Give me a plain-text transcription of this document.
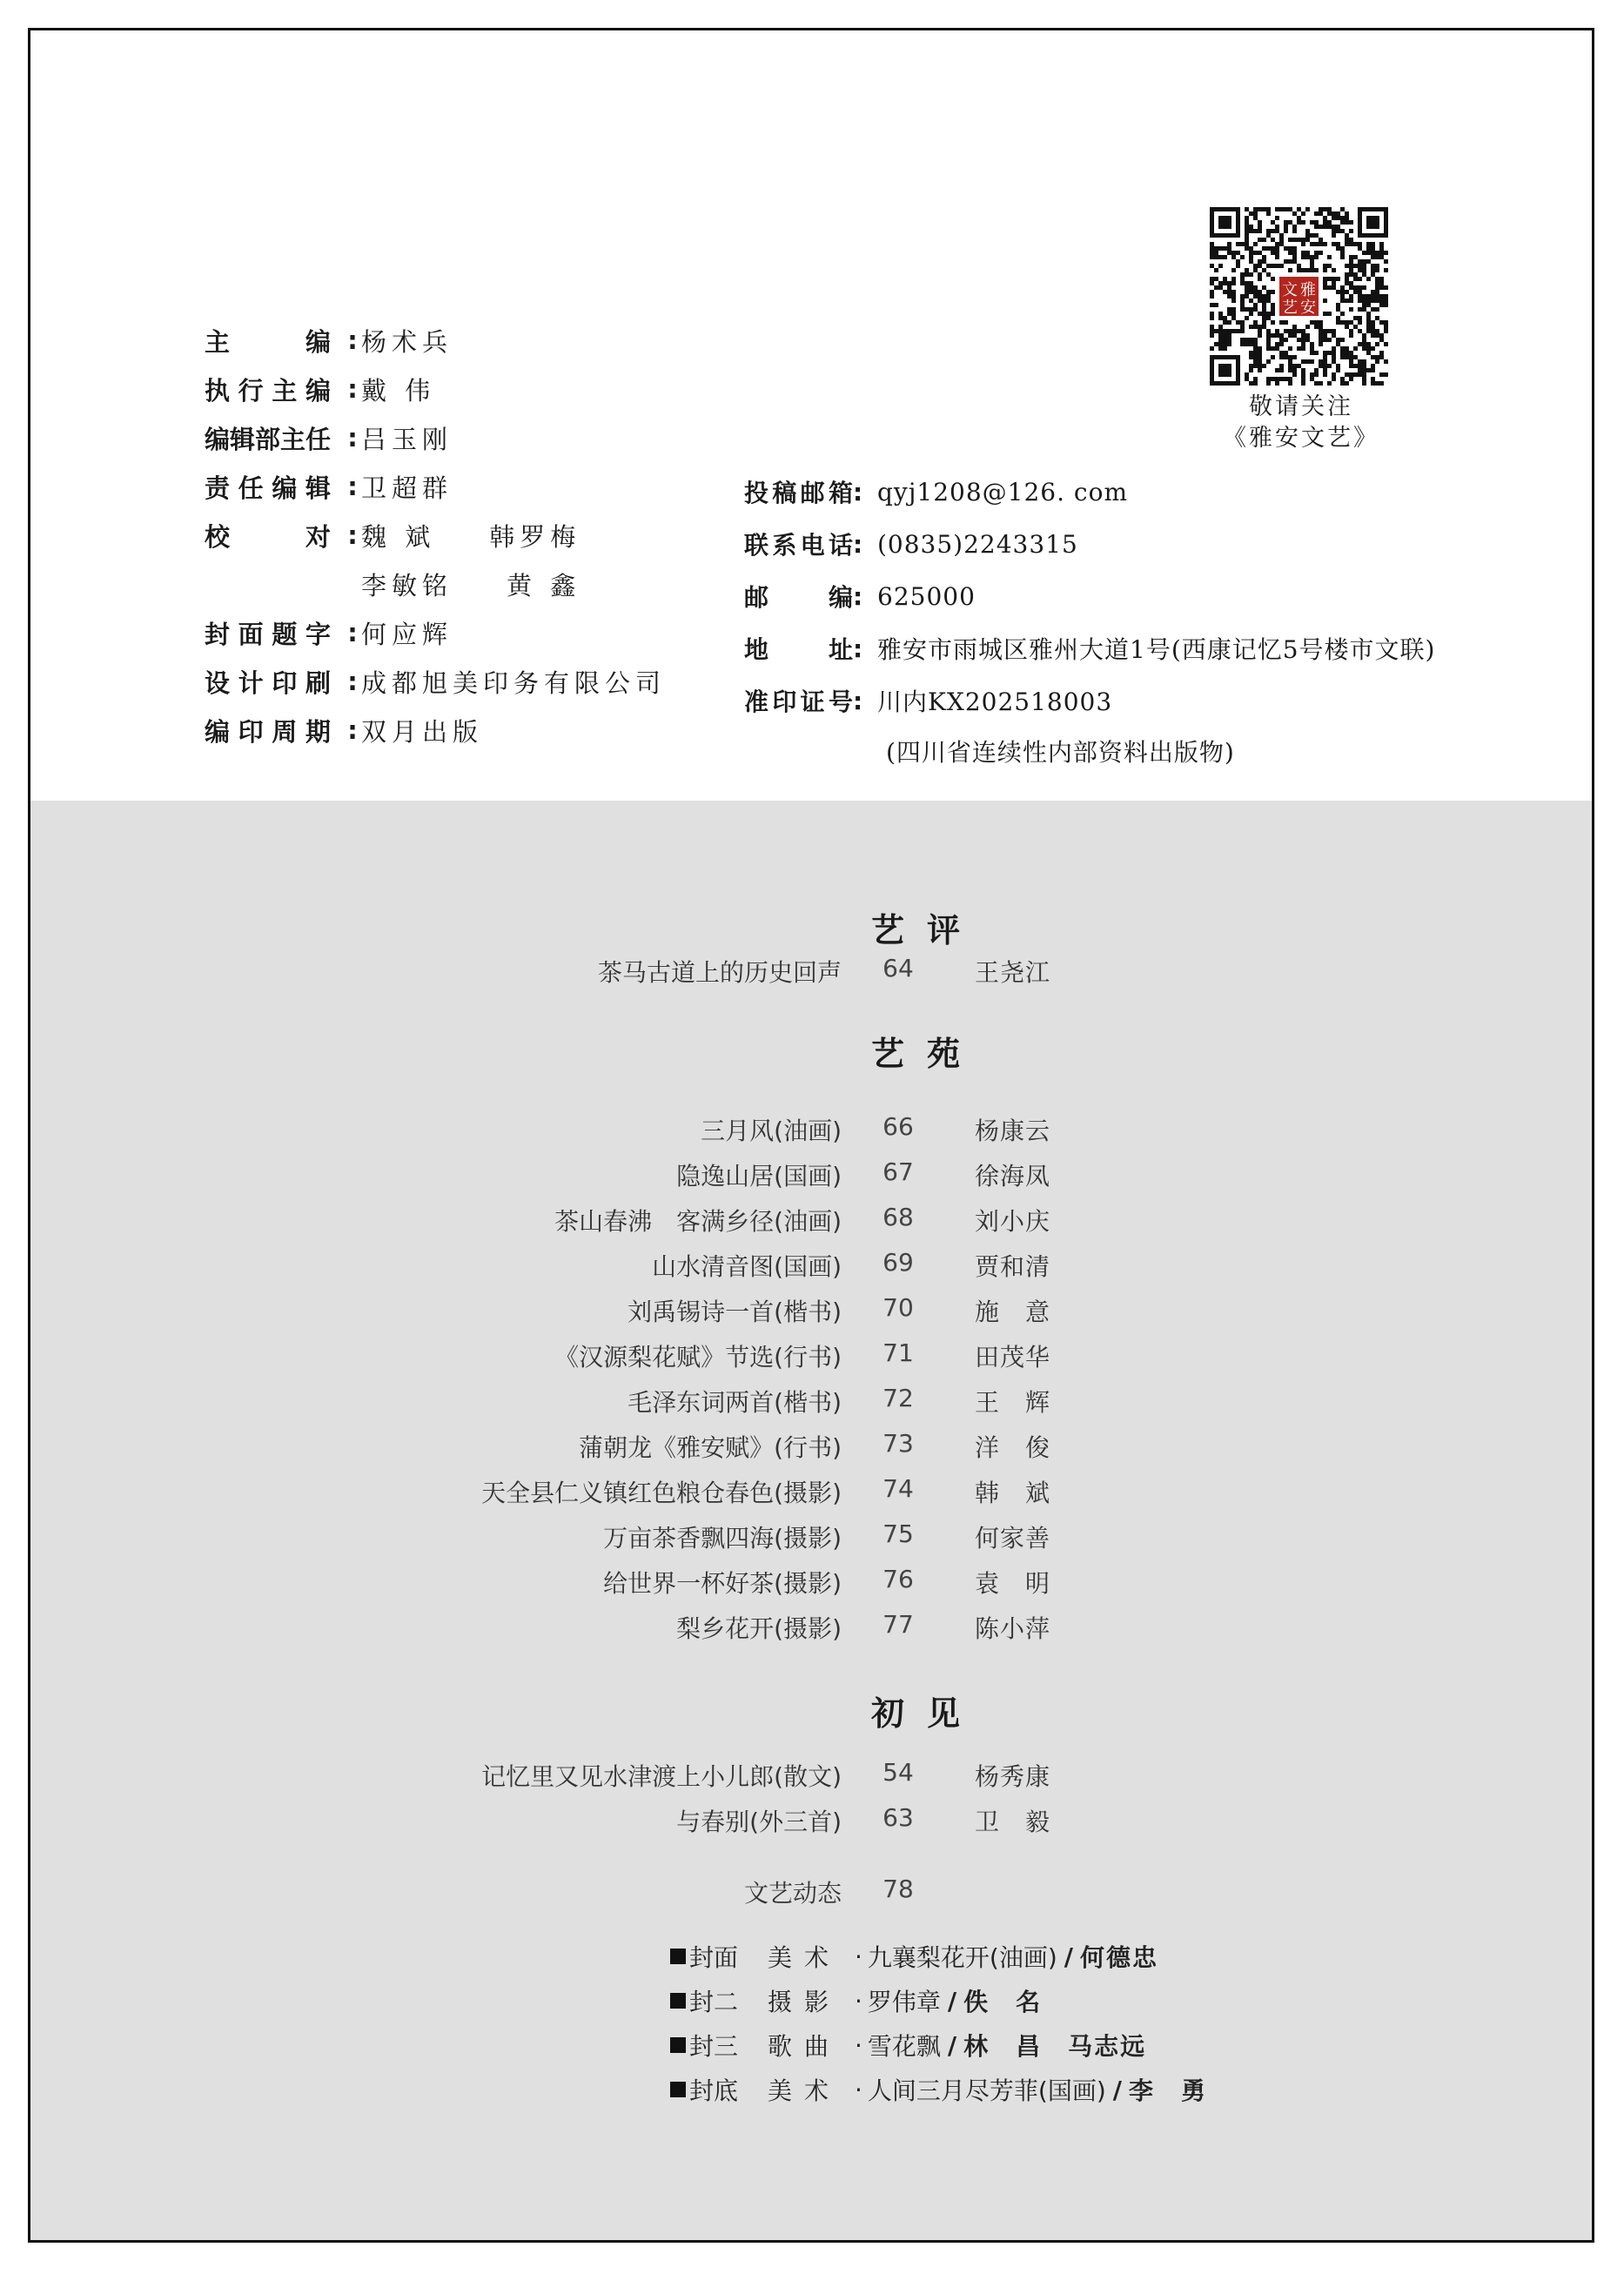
主	编 : 杨术兵
执 行 主 编 : 戴 伟
编 辑 部 主 任 : 吕玉刚
责 任 编 辑 : 卫超群
校	对 : 魏 斌 韩罗梅
李敏铭 黄 鑫
封 面 题 字 : 何应辉
设 计 印 刷 : 成都旭美印务有限公司
编 印 周 期 : 双月出版
投 稿 邮 箱 : qyj1208@126. com
联 系 电 话 : (0835)2243315
邮 编 : 625000
地 址 : 雅安市雨城区雅州大道1号(西康记忆5号楼市文联)
准 印 证 号 : 川内KX202518003
(四川省连续性内部资料出版物)
文 雅
艺 安
敬请关注
《雅安文艺》
艺评
茶马古道上的历史回声	64	王尧江
艺苑
三月风(油画)	66	杨康云
隐逸山居(国画)	67	徐海凤
茶山春沸　客满乡径(油画)	68	刘小庆
山水清音图(国画)	69	贾和清
刘禹锡诗一首(楷书)	70	施　意
《汉源梨花赋》节选(行书)	71	田茂华
毛泽东词两首(楷书)	72	王　辉
蒲朝龙《雅安赋》(行书)	73	洋　俊
天全县仁义镇红色粮仓春色(摄影)	74	韩　斌
万亩茶香飘四海(摄影)	75	何家善
给世界一杯好茶(摄影)	76	袁　明
梨乡花开(摄影)	77	陈小萍
初见
记忆里又见水津渡上小儿郎(散文)	54	杨秀康
与春别(外三首)	63	卫　毅
文艺动态	78
封面	美术 · 九襄梨花开(油画) / 何德忠
封二	摄影 · 罗伟章 / 佚　名
封三	歌曲 · 雪花飘 / 林　昌　马志远
封底	美术 · 人间三月尽芳菲(国画) / 李　勇
